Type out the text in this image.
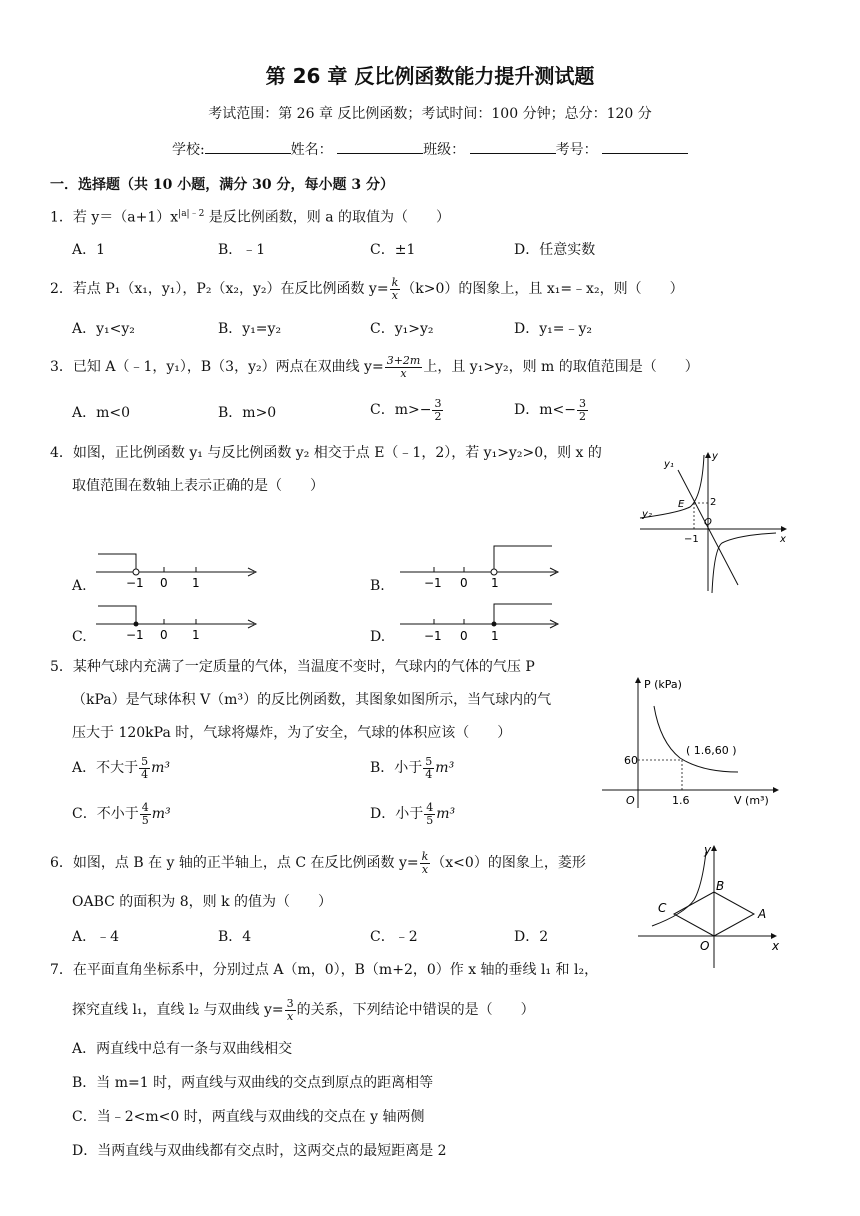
第 26 章 反比例函数能力提升测试题
考试范围：第 26 章 反比例函数；考试时间：100 分钟；总分：120 分
学校:	姓名：	班级：	考号：
一．选择题（共 10 小题，满分 30 分，每小题 3 分）
1．若 $y=(a+1)x^{|a|﹣2}$ 是反比例函数，则 a 的取值为（　　）
A．1	B．﹣1	C．±1	D．任意实数
2．若点 P₁（x₁，y₁），P₂（x₂，y₂）在反比例函数 $y= \frac{k}{x} (k>0)$的图象上，且 x₁=﹣x₂，则（　　）
A．y₁<y₂	B．y₁=y₂	C．y₁>y₂	D．y₁=﹣y₂
3．已知 A（﹣1，y₁），B（3，y₂）两点在双曲线 $y= \frac{3+2m}{x}$ 上，且 y₁>y₂，则 m 的取值范围是（　　）
A．m<0	B．m>0	C．$m>- \frac{3}{2}$	D．$m<- \frac{3}{2}$
4．如图，正比例函数 y₁ 与反比例函数 y₂ 相交于点 E（﹣1，2），若 y₁>y₂>0，则 x 的
取值范围在数轴上表示正确的是（　　）
y₁
y₂
E	2
O
−1	x
y
A.	−1 0 1	B.	−1 0 1
C.	−1 0 1	D.	−1 0 1
5．某种气球内充满了一定质量的气体，当温度不变时，气球内的气体的气压 P
（kPa）是气球体积 V（m³）的反比例函数，其图象如图所示，当气球内的气
压大于 120kPa 时，气球将爆炸，为了安全，气球的体积应该（　　）
A．不大于 $\frac{5}{4} m^3$	B．小于 $\frac{5}{4} m^3$
C．不小于 $\frac{4}{5} m^3$	D．小于 $\frac{4}{5} m^3$
P (kPa)
V (m³)
( 1.6,60 )
60
1.6
O
6．如图，点 B 在 y 轴的正半轴上，点 C 在反比例函数 $y= \frac{k}{x} (x<0)$的图象上，菱形
OABC 的面积为 8，则 k 的值为（　　）
A．﹣4	B．4	C．﹣2	D．2
y
B
C	A
O	x
7．在平面直角坐标系中，分别过点 A（m，0），B（m+2，0）作 x 轴的垂线 l₁ 和 l₂，
探究直线 l₁，直线 l₂ 与双曲线 $y= \frac{3}{x}$ 的关系，下列结论中错误的是（　　）
A．两直线中总有一条与双曲线相交
B．当 m=1 时，两直线与双曲线的交点到原点的距离相等
C．当﹣2<m<0 时，两直线与双曲线的交点在 y 轴两侧
D．当两直线与双曲线都有交点时，这两交点的最短距离是 2
